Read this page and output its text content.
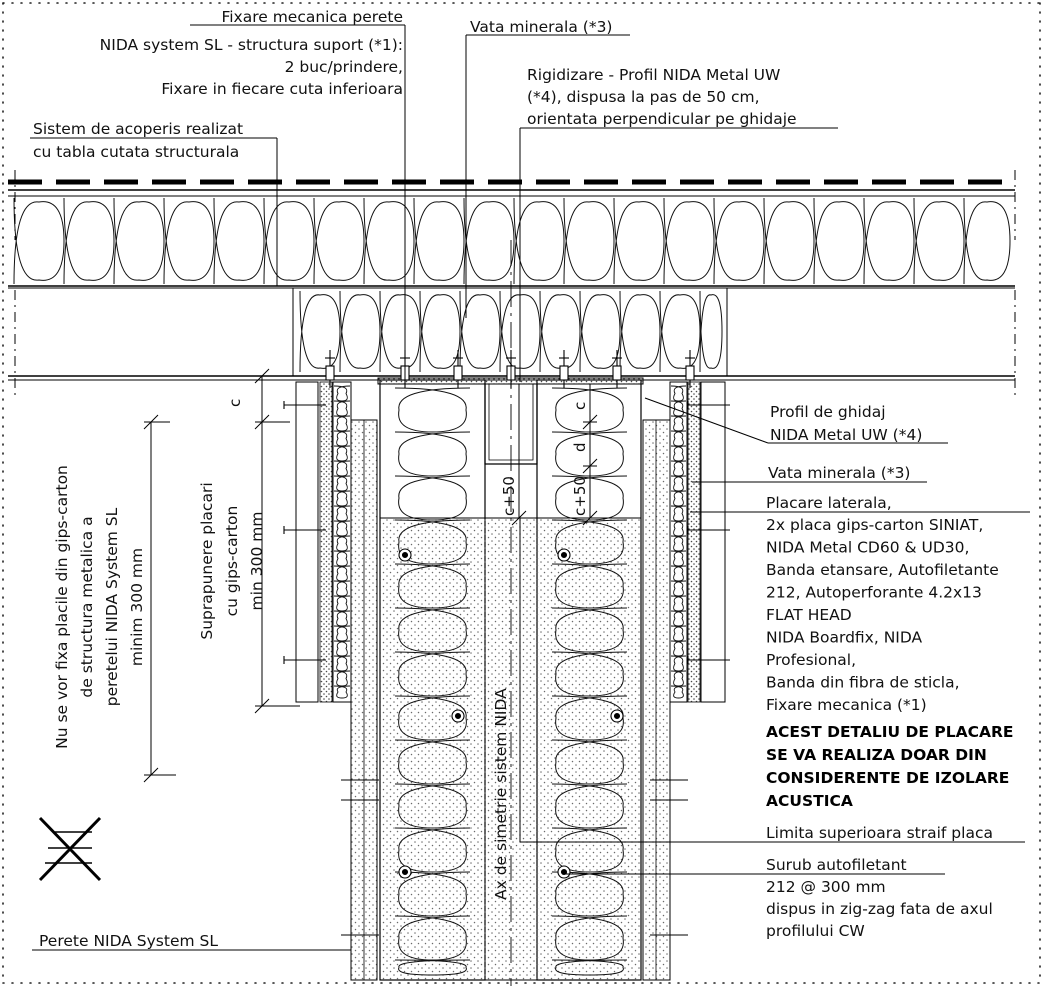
Fixare mecanica perete
NIDA system SL - structura suport (*1):
2 buc/prindere,
Fixare in fiecare cuta inferioara
Vata minerala (*3)
Rigidizare - Profil NIDA Metal UW
(*4), dispusa la pas de 50 cm,
orientata perpendicular pe ghidaje
Sistem de acoperis realizat
cu tabla cutata structurala
Profil de ghidaj
NIDA Metal UW (*4)
Vata minerala (*3)
Placare laterala,
2x placa gips-carton SINIAT,
NIDA Metal CD60 & UD30,
Banda etansare, Autofiletante
212, Autoperforante 4.2x13
FLAT HEAD
NIDA Boardfix, NIDA
Profesional,
Banda din fibra de sticla,
Fixare mecanica (*1)
ACEST DETALIU DE PLACARE
SE VA REALIZA DOAR DIN
CONSIDERENTE DE IZOLARE
ACUSTICA
Limita superioara straif placa
Surub autofiletant
212 @ 300 mm
dispus in zig-zag fata de axul
profilului CW
Perete NIDA System SL
Ax de simetrie sistem NIDA
Nu se vor fixa placile din gips-carton de structura metalica a peretelui NIDA System SL minim 300 mm	Suprapunere placari cu gips-carton min 300 mm
c	c
d
c+50
c+50
